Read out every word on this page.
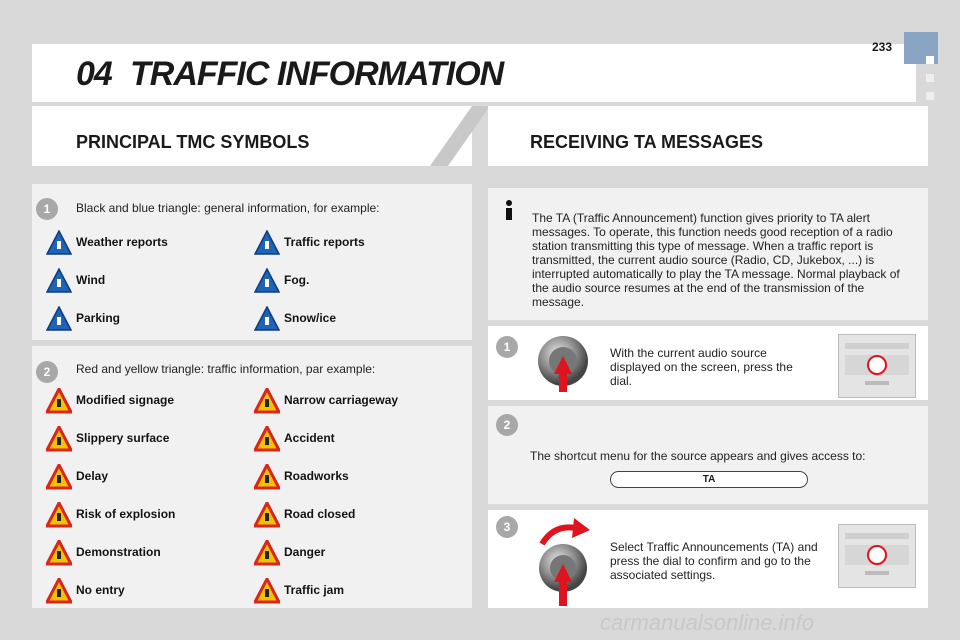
04 TRAFFIC INFORMATION
233
PRINCIPAL TMC SYMBOLS	RECEIVING TA MESSAGES
1	Black and blue triangle: general information, for example:
Weather reports	Traffic reports
Wind	Fog.
Parking	Snow/ice
2	Red and yellow triangle: traffic information, par example:
The TA (Traffic Announcement) function gives priority to TA alert messages. To operate, this function needs good reception of a radio station transmitting this type of message. When a traffic report is transmitted, the current audio source (Radio, CD, Jukebox, ...) is interrupted automatically to play the TA message. Normal playback of the audio source resumes at the end of the transmission of the message.
1	With the current audio source displayed on the screen, press the dial.
2
The shortcut menu for the source appears and gives access to:
TA
3
Select Traffic Announcements (TA) and press the dial to confirm and go to the associated settings.
carmanualsonline.info
Modified signage	Narrow carriageway
Slippery surface	Accident
Delay	Roadworks
Risk of explosion	Road closed
Demonstration	Danger
No entry	Traffic jam
